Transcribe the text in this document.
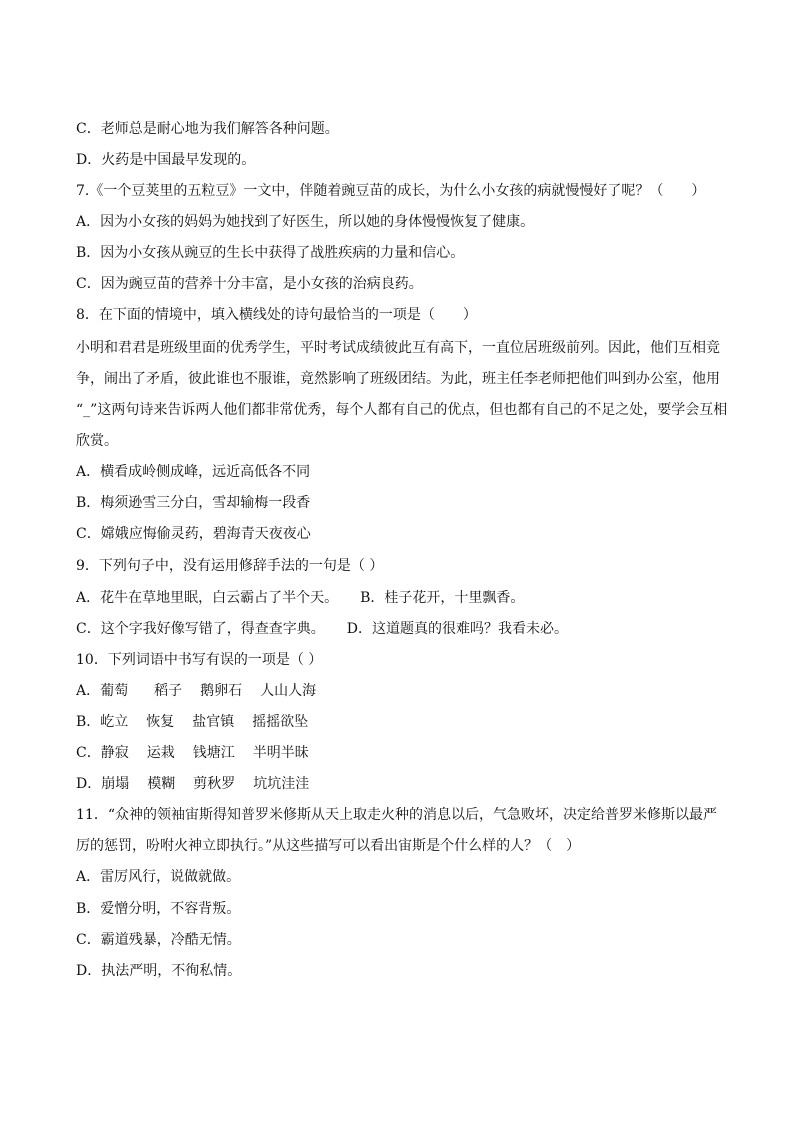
C．老师总是耐心地为我们解答各种问题。
D．火药是中国最早发现的。
7.《一个豆荚里的五粒豆》一文中，伴随着豌豆苗的成长，为什么小女孩的病就慢慢好了呢？（　　）
A．因为小女孩的妈妈为她找到了好医生，所以她的身体慢慢恢复了健康。
B．因为小女孩从豌豆的生长中获得了战胜疾病的力量和信心。
C．因为豌豆苗的营养十分丰富，是小女孩的治病良药。
8．在下面的情境中，填入横线处的诗句最恰当的一项是（　　）
小明和君君是班级里面的优秀学生，平时考试成绩彼此互有高下，一直位居班级前列。因此，他们互相竞
争，闹出了矛盾，彼此谁也不服谁，竟然影响了班级团结。为此，班主任李老师把他们叫到办公室，他用
“_”这两句诗来告诉两人他们都非常优秀，每个人都有自己的优点，但也都有自己的不足之处，要学会互相
欣赏。
A．横看成岭侧成峰，远近高低各不同
B．梅须逊雪三分白，雪却输梅一段香
C．嫦娥应悔偷灵药，碧海青天夜夜心
9．下列句子中，没有运用修辞手法的一句是（ ）
A．花牛在草地里眠，白云霸占了半个天。 B．桂子花开，十里飘香。
C．这个字我好像写错了，得查查字典。 D．这道题真的很难吗？我看未必。
10．下列词语中书写有误的一项是（ ）
A．葡萄 稻子 鹅卵石 人山人海
B．屹立 恢复 盐官镇 摇摇欲坠
C．静寂 运栽 钱塘江 半明半昧
D．崩塌 模糊 剪秋罗 坑坑洼洼
11．“众神的领袖宙斯得知普罗米修斯从天上取走火种的消息以后，气急败坏，决定给普罗米修斯以最严
厉的惩罚，吩咐火神立即执行。”从这些描写可以看出宙斯是个什么样的人？（　）
A．雷厉风行，说做就做。
B．爱憎分明，不容背叛。
C．霸道残暴，冷酷无情。
D．执法严明，不徇私情。
